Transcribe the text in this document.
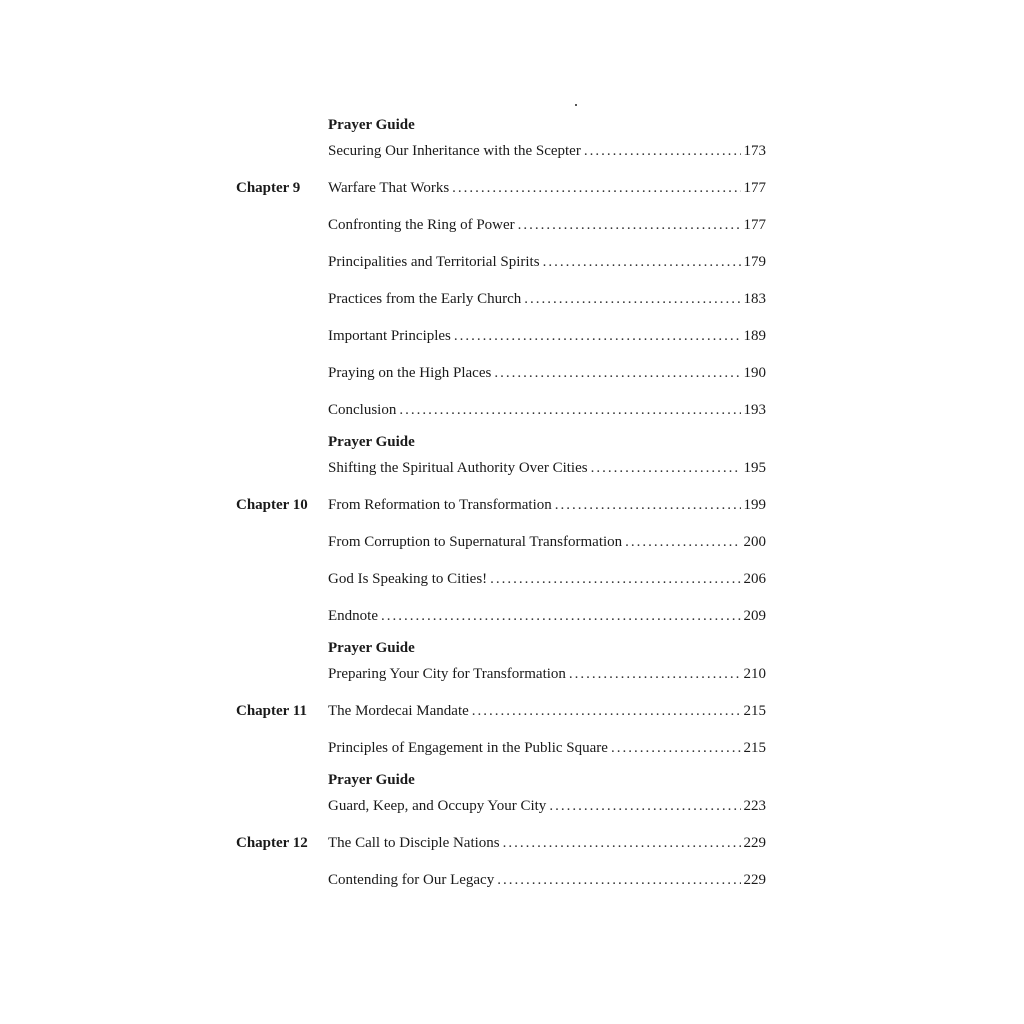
Prayer Guide
Securing Our Inheritance with the Scepter .....	173
Chapter 9	Warfare That Works .....	177
Confronting the Ring of Power .....	177
Principalities and Territorial Spirits .....	179
Practices from the Early Church .....	183
Important Principles .....	189
Praying on the High Places .....	190
Conclusion .....	193
Prayer Guide
Shifting the Spiritual Authority Over Cities .....	195
Chapter 10	From Reformation to Transformation .....	199
From Corruption to Supernatural Transformation .....	200
God Is Speaking to Cities! .....	206
Endnote .....	209
Prayer Guide
Preparing Your City for Transformation .....	210
Chapter 11	The Mordecai Mandate .....	215
Principles of Engagement in the Public Square .....	215
Prayer Guide
Guard, Keep, and Occupy Your City .....	223
Chapter 12	The Call to Disciple Nations .....	229
Contending for Our Legacy .....	229
